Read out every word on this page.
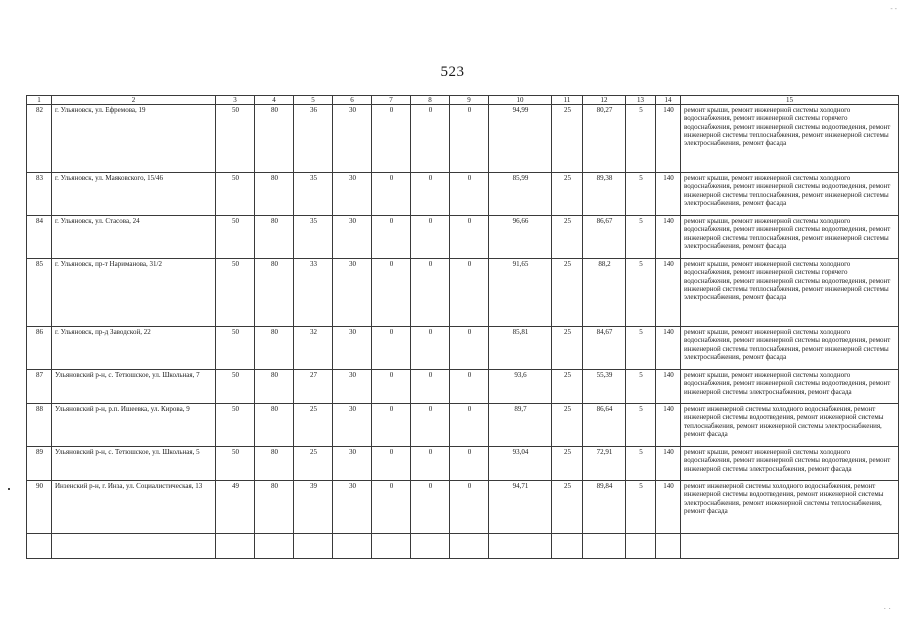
- -
523
· ·
1	2	3	4	5	6	7	8	9	10	11	12	13	14	15
82	г. Ульяновск, ул. Ефремова, 19	50	80	36	30	0	0	0	94,99	25	80,27	5	140	ремонт крыши, ремонт инженерной системы холодного водоснабжения, ремонт инженерной системы горячего водоснабжения, ремонт инженерной системы водоотведения, ремонт инженерной системы теплоснабжения, ремонт инженерной системы электроснабжения, ремонт фасада
83	г. Ульяновск, ул. Маяковского, 15/46	50	80	35	30	0	0	0	85,99	25	89,38	5	140	ремонт крыши, ремонт инженерной системы холодного водоснабжения, ремонт инженерной системы водоотведения, ремонт инженерной системы теплоснабжения, ремонт инженерной системы электроснабжения, ремонт фасада
84	г. Ульяновск, ул. Стасова, 24	50	80	35	30	0	0	0	96,66	25	86,67	5	140	ремонт крыши, ремонт инженерной системы холодного водоснабжения, ремонт инженерной системы водоотведения, ремонт инженерной системы теплоснабжения, ремонт инженерной системы электроснабжения, ремонт фасада
85	г. Ульяновск, пр-т Нариманова, 31/2	50	80	33	30	0	0	0	91,65	25	88,2	5	140	ремонт крыши, ремонт инженерной системы холодного водоснабжения, ремонт инженерной системы горячего водоснабжения, ремонт инженерной системы водоотведения, ремонт инженерной системы теплоснабжения, ремонт инженерной системы электроснабжения, ремонт фасада
86	г. Ульяновск, пр-д Заводской, 22	50	80	32	30	0	0	0	85,81	25	84,67	5	140	ремонт крыши, ремонт инженерной системы холодного водоснабжения, ремонт инженерной системы водоотведения, ремонт инженерной системы теплоснабжения, ремонт инженерной системы электроснабжения, ремонт фасада
87	Ульяновский р-н, с. Тетюшское, ул. Школьная, 7	50	80	27	30	0	0	0	93,6	25	55,39	5	140	ремонт крыши, ремонт инженерной системы холодного водоснабжения, ремонт инженерной системы водоотведения, ремонт инженерной системы электроснабжения, ремонт фасада
88	Ульяновский р-н, р.п. Ишеевка, ул. Кирова, 9	50	80	25	30	0	0	0	89,7	25	86,64	5	140	ремонт инженерной системы холодного водоснабжения, ремонт инженерной системы водоотведения, ремонт инженерной системы теплоснабжения, ремонт инженерной системы электроснабжения, ремонт фасада
89	Ульяновский р-н, с. Тетюшское, ул. Школьная, 5	50	80	25	30	0	0	0	93,04	25	72,91	5	140	ремонт крыши, ремонт инженерной системы холодного водоснабжения, ремонт инженерной системы водоотведения, ремонт инженерной системы электроснабжения, ремонт фасада
90	Инзенский р-н, г. Инза, ул. Социалистическая, 13	49	80	39	30	0	0	0	94,71	25	89,84	5	140	ремонт инженерной системы холодного водоснабжения, ремонт инженерной системы водоотведения, ремонт инженерной системы электроснабжения, ремонт инженерной системы теплоснабжения, ремонт фасада
